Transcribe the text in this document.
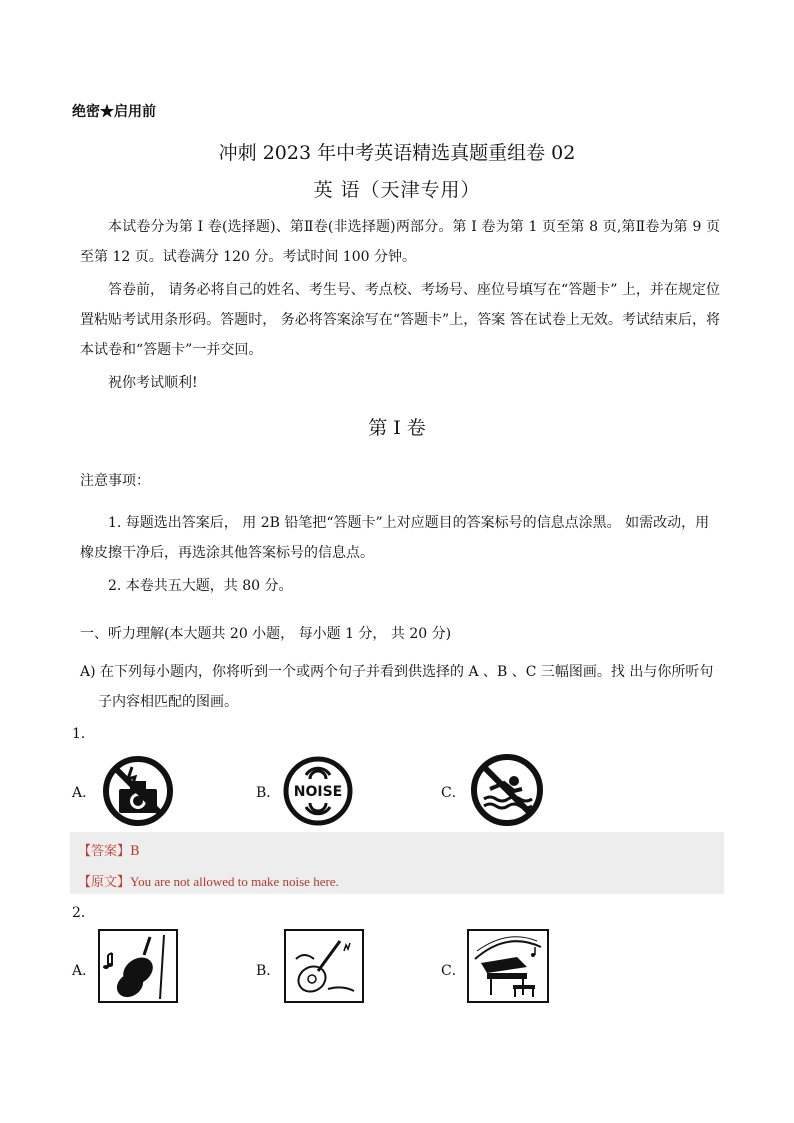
绝密★启用前
冲刺 2023 年中考英语精选真题重组卷 02
英 语（天津专用）
本试卷分为第 I 卷(选择题)、第Ⅱ卷(非选择题)两部分。第 I 卷为第 1 页至第 8 页,第Ⅱ卷为第 9 页至第 12 页。试卷满分 120 分。考试时间 100 分钟。
答卷前， 请务必将自己的姓名、考生号、考点校、考场号、座位号填写在“答题卡” 上，并在规定位置粘贴考试用条形码。答题时， 务必将答案涂写在“答题卡”上，答案 答在试卷上无效。考试结束后，将本试卷和“答题卡”一并交回。
祝你考试顺利!
第 I 卷
注意事项：
1. 每题选出答案后， 用 2B 铅笔把“答题卡”上对应题目的答案标号的信息点涂黑。 如需改动，用橡皮擦干净后，再选涂其他答案标号的信息点。
2. 本卷共五大题，共 80 分。
一、听力理解(本大题共 20 小题， 每小题 1 分， 共 20 分)
A) 在下列每小题内，你将听到一个或两个句子并看到供选择的 A 、B 、C 三幅图画。找 出与你所听句子内容相匹配的图画。
1．
A．	B． NOISE	C．
【答案】B
【原文】You are not allowed to make noise here.
2．
A．	B．	C．
